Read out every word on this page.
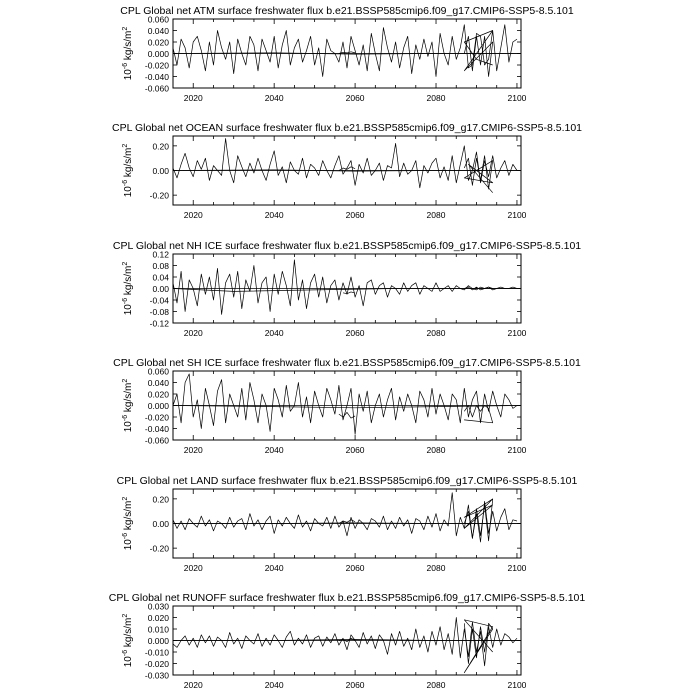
CPL Global net ATM surface freshwater flux b.e21.BSSP585cmip6.f09_g17.CMIP6-SSP5-8.5.101
$10^{-6}$ $kg/s/m^2$
-0.060
-0.040
-0.020
0.000
0.020
0.040
0.060
2020	2040	2060	2080	2100
CPL Global net OCEAN surface freshwater flux b.e21.BSSP585cmip6.f09_g17.CMIP6-SSP5-8.5.101
$10^{-6}$ $kg/s/m^2$
-0.20
0.00
0.20
2020	2040	2060	2080	2100
CPL Global net NH ICE surface freshwater flux b.e21.BSSP585cmip6.f09_g17.CMIP6-SSP5-8.5.101
$10^{-6}$ $kg/s/m^2$
-0.12
-0.08
-0.04
0.00
0.04
0.08
0.12
2020	2040	2060	2080	2100
CPL Global net SH ICE surface freshwater flux b.e21.BSSP585cmip6.f09_g17.CMIP6-SSP5-8.5.101
$10^{-6}$ $kg/s/m^2$
-0.060
-0.040
-0.020
0.000
0.020
0.040
0.060
2020	2040	2060	2080	2100
CPL Global net LAND surface freshwater flux b.e21.BSSP585cmip6.f09_g17.CMIP6-SSP5-8.5.101
$10^{-6}$ $kg/s/m^2$
-0.20
0.00
0.20
2020	2040	2060	2080	2100
CPL Global net RUNOFF surface freshwater flux b.e21.BSSP585cmip6.f09_g17.CMIP6-SSP5-8.5.101
$10^{-6}$ $kg/s/m^2$
-0.030
-0.020
-0.010
0.000
0.010
0.020
0.030
2020	2040	2060	2080	2100
